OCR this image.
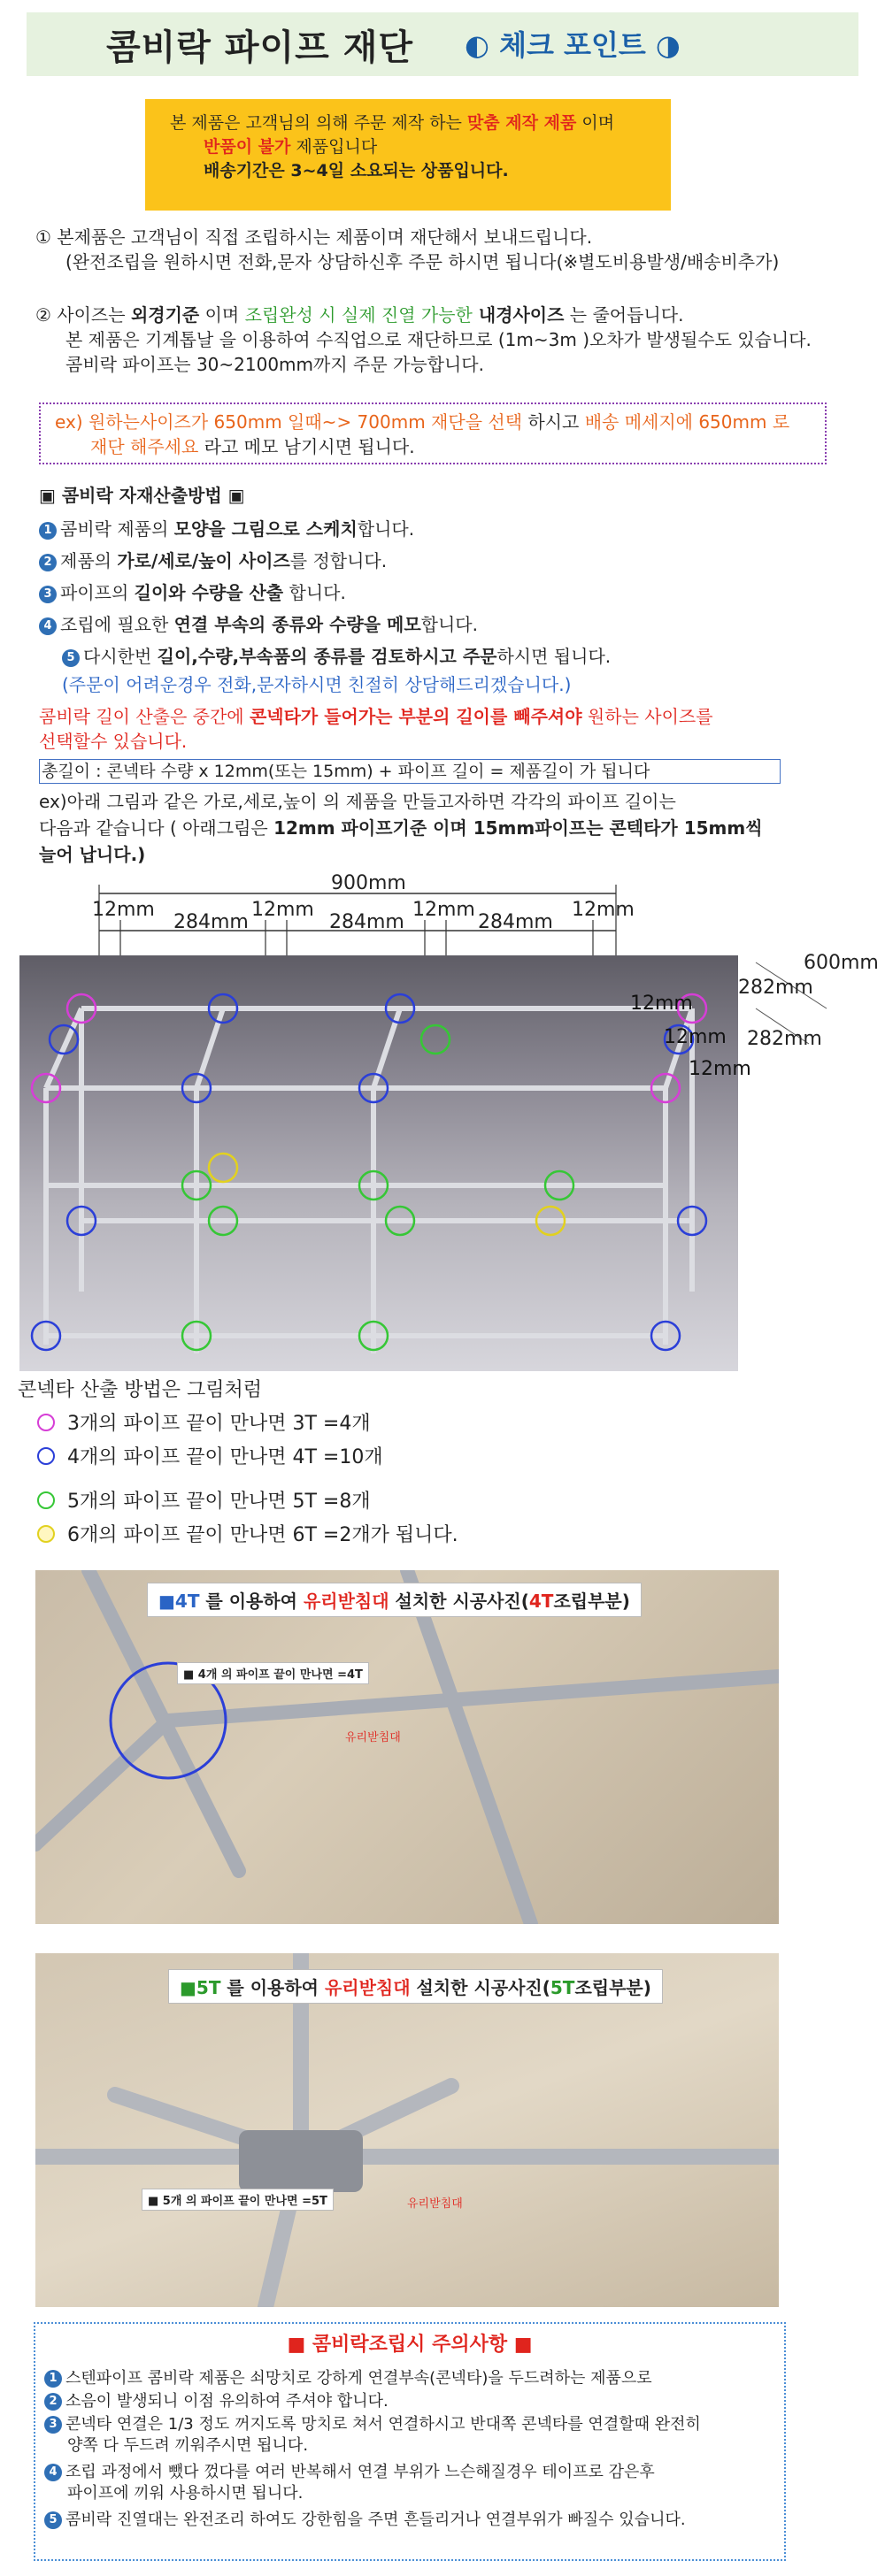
콤비락 파이프 재단 ◐ 체크 포인트 ◑
본 제품은 고객님의 의해 주문 제작 하는 맞춤 제작 제품 이며
반품이 불가 제품입니다
배송기간은 3~4일 소요되는 상품입니다.
① 본제품은 고객님이 직접 조립하시는 제품이며 재단해서 보내드립니다.
(완전조립을 원하시면 전화,문자 상담하신후 주문 하시면 됩니다(※별도비용발생/배송비추가)
② 사이즈는 외경기준 이며 조립완성 시 실제 진열 가능한 내경사이즈 는 줄어듭니다.
본 제품은 기계톱날 을 이용하여 수직업으로 재단하므로 (1m~3m )오차가 발생될수도 있습니다.
콤비락 파이프는 30~2100mm까지 주문 가능합니다.
ex) 원하는사이즈가 650mm 일때~> 700mm 재단을 선택 하시고 배송 메세지에 650mm 로
재단 해주세요 라고 메모 남기시면 됩니다.
▣ 콤비락 자재산출방법 ▣
1 콤비락 제품의 모양을 그림으로 스케치합니다.
2 제품의 가로/세로/높이 사이즈를 정합니다.
3 파이프의 길이와 수량을 산출 합니다.
4 조립에 필요한 연결 부속의 종류와 수량을 메모합니다.
5 다시한번 길이,수량,부속품의 종류를 검토하시고 주문하시면 됩니다.
(주문이 어려운경우 전화,문자하시면 친절히 상담해드리겠습니다.)
콤비락 길이 산출은 중간에 콘넥타가 들어가는 부분의 길이를 빼주셔야 원하는 사이즈를
선택할수 있습니다.
총길이 : 콘넥타 수량 x 12mm(또는 15mm) + 파이프 길이 = 제품길이 가 됩니다
ex)아래 그림과 같은 가로,세로,높이 의 제품을 만들고자하면 각각의 파이프 길이는
다음과 같습니다 ( 아래그림은 12mm 파이프기준 이며 15mm파이프는 콘텍타가 15mm씩
늘어 납니다.)
900mm
12mm
284mm
12mm
284mm
12mm
284mm
12mm
600mm
282mm
282mm
12mm
12mm
12mm
콘넥타 산출 방법은 그림처럼
3개의 파이프 끝이 만나면 3T =4개
4개의 파이프 끝이 만나면 4T =10개
5개의 파이프 끝이 만나면 5T =8개
6개의 파이프 끝이 만나면 6T =2개가 됩니다.
■4T 를 이용하여 유리받침대 설치한 시공사진(4T조립부분)
■ 4개 의 파이프 끝이 만나면 =4T
유리받침대
■5T 를 이용하여 유리받침대 설치한 시공사진(5T조립부분)
■ 5개 의 파이프 끝이 만나면 =5T	유리받침대
■ 콤비락조립시 주의사항 ■
1 스텐파이프 콤비락 제품은 쇠망치로 강하게 연결부속(콘넥타)을 두드려하는 제품으로
2 소음이 발생되니 이점 유의하여 주셔야 합니다.
3 콘넥타 연결은 1/3 정도 꺼지도록 망치로 쳐서 연결하시고 반대쪽 콘넥타를 연결할때 완전히
양쪽 다 두드려 끼워주시면 됩니다.
4 조립 과정에서 뺐다 껐다를 여러 반복해서 연결 부위가 느슨해질경우 테이프로 감은후
파이프에 끼워 사용하시면 됩니다.
5 콤비락 진열대는 완전조리 하여도 강한힘을 주면 흔들리거나 연결부위가 빠질수 있습니다.
